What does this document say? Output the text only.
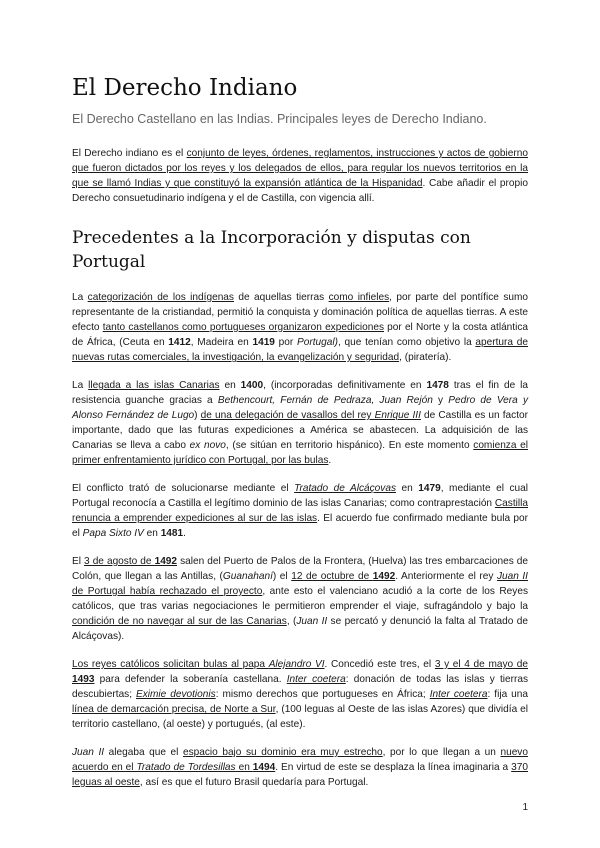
El Derecho Indiano
El Derecho Castellano en las Indias. Principales leyes de Derecho Indiano.

El Derecho indiano es el conjunto de leyes, órdenes, reglamentos, instrucciones y actos de gobierno que fueron dictados por los reyes y los delegados de ellos, para regular los nuevos territorios en la que se llamó Indias y que constituyó la expansión atlántica de la Hispanidad. Cabe añadir el propio Derecho consuetudinario indígena y el de Castilla, con vigencia allí.

Precedentes a la Incorporación y disputas con Portugal

La categorización de los indígenas de aquellas tierras como infieles, por parte del pontífice sumo representante de la cristiandad, permitió la conquista y dominación política de aquellas tierras. A este efecto tanto castellanos como portugueses organizaron expediciones por el Norte y la costa atlántica de África, (Ceuta en 1412, Madeira en 1419 por Portugal), que tenían como objetivo la apertura de nuevas rutas comerciales, la investigación, la evangelización y seguridad, (piratería).

La llegada a las islas Canarias en 1400, (incorporadas definitivamente en 1478 tras el fin de la resistencia guanche gracias a Bethencourt, Fernán de Pedraza, Juan Rejón y Pedro de Vera y Alonso Fernández de Lugo) de una delegación de vasallos del rey Enrique III de Castilla es un factor importante, dado que las futuras expediciones a América se abastecen. La adquisición de las Canarias se lleva a cabo ex novo, (se sitúan en territorio hispánico). En este momento comienza el primer enfrentamiento jurídico con Portugal, por las bulas.

El conflicto trató de solucionarse mediante el Tratado de Alcáçovas en 1479, mediante el cual Portugal reconocía a Castilla el legítimo dominio de las islas Canarias; como contraprestación Castilla renuncia a emprender expediciones al sur de las islas. El acuerdo fue confirmado mediante bula por el Papa Sixto IV en 1481.

El 3 de agosto de 1492 salen del Puerto de Palos de la Frontera, (Huelva) las tres embarcaciones de Colón, que llegan a las Antillas, (Guanahaní) el 12 de octubre de 1492. Anteriormente el rey Juan II de Portugal había rechazado el proyecto, ante esto el valenciano acudió a la corte de los Reyes católicos, que tras varias negociaciones le permitieron emprender el viaje, sufragándolo y bajo la condición de no navegar al sur de las Canarias, (Juan II se percató y denunció la falta al Tratado de Alcáçovas).

Los reyes católicos solicitan bulas al papa Alejandro VI. Concedió este tres, el 3 y el 4 de mayo de 1493 para defender la soberanía castellana. Inter coetera: donación de todas las islas y tierras descubiertas; Eximie devotionis: mismo derechos que portugueses en África; Inter coetera: fija una línea de demarcación precisa, de Norte a Sur, (100 leguas al Oeste de las islas Azores) que dividía el territorio castellano, (al oeste) y portugués, (al este).

Juan II alegaba que el espacio bajo su dominio era muy estrecho, por lo que llegan a un nuevo acuerdo en el Tratado de Tordesillas en 1494. En virtud de este se desplaza la línea imaginaria a 370 leguas al oeste, así es que el futuro Brasil quedaría para Portugal.

1
